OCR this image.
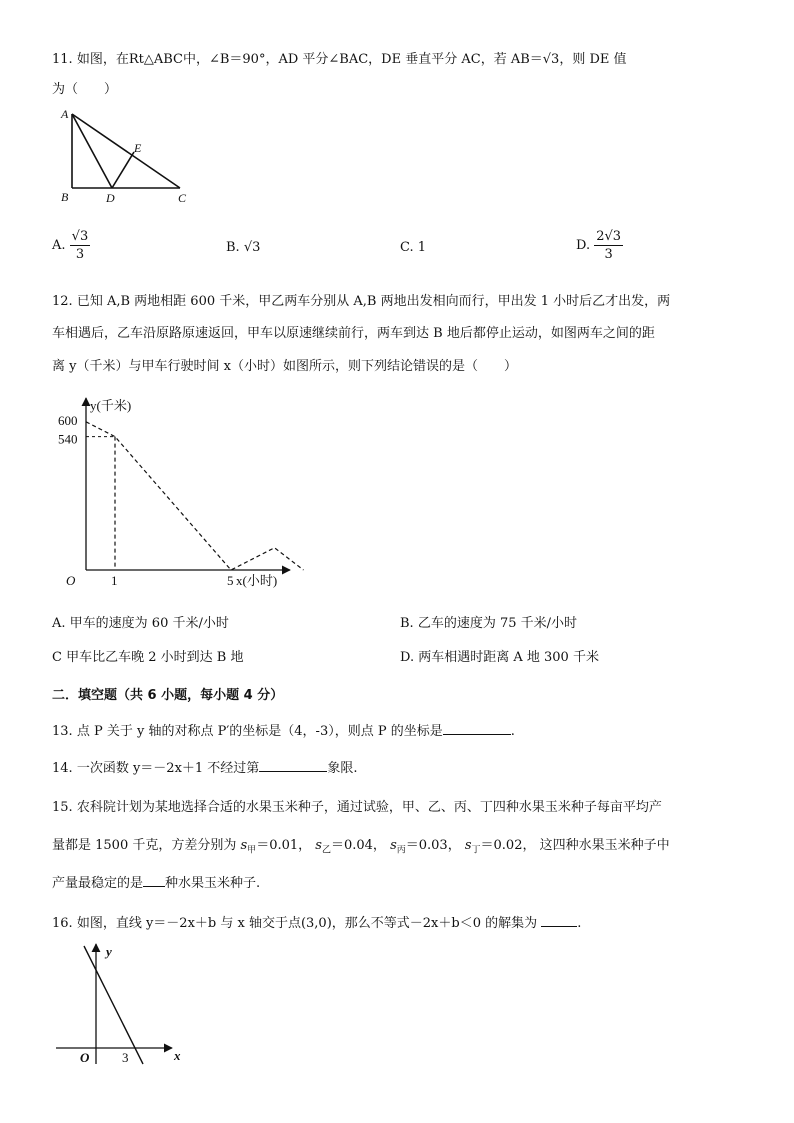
11. 如图，在Rt△ABC中，∠B＝90°，AD 平分∠BAC，DE 垂直平分 AC，若 AB＝√3，则 DE 值
为（　　）
A
B	D	C
E
A. $\frac{√3}{3}$	B. √3	C. 1	D. $\frac{2√3}{3}$
12. 已知 A,B 两地相距 600 千米，甲乙两车分别从 A,B 两地出发相向而行，甲出发 1 小时后乙才出发，两
车相遇后，乙车沿原路原速返回，甲车以原速继续前行，两车到达 B 地后都停止运动，如图两车之间的距
离 y（千米）与甲车行驶时间 x（小时）如图所示，则下列结论错误的是（　　）
600
540
1	5
y(千米)
O	x(小时)
A. 甲车的速度为 60 千米/小时	B. 乙车的速度为 75 千米/小时
C 甲车比乙车晚 2 小时到达 B 地	D. 两车相遇时距离 A 地 300 千米
二．填空题（共 6 小题，每小题 4 分）
13. 点 P 关于 y 轴的对称点 P′的坐标是（4，-3），则点 P 的坐标是	.
14. 一次函数 y＝－2x＋1 不经过第	象限.
15. 农科院计划为某地选择合适的水果玉米种子，通过试验，甲、乙、丙、丁四种水果玉米种子每亩平均产
量都是 1500 千克，方差分别为 $s_甲=0.01$， $s_乙=0.04$， $s_丙=0.03$， $s_丁=0.02$， 这四种水果玉米种子中
产量最稳定的是 种水果玉米种子.
16. 如图，直线 y＝－2x＋b 与 x 轴交于点(3,0)，那么不等式－2x＋b＜0 的解集为	.
y
x
O	3
